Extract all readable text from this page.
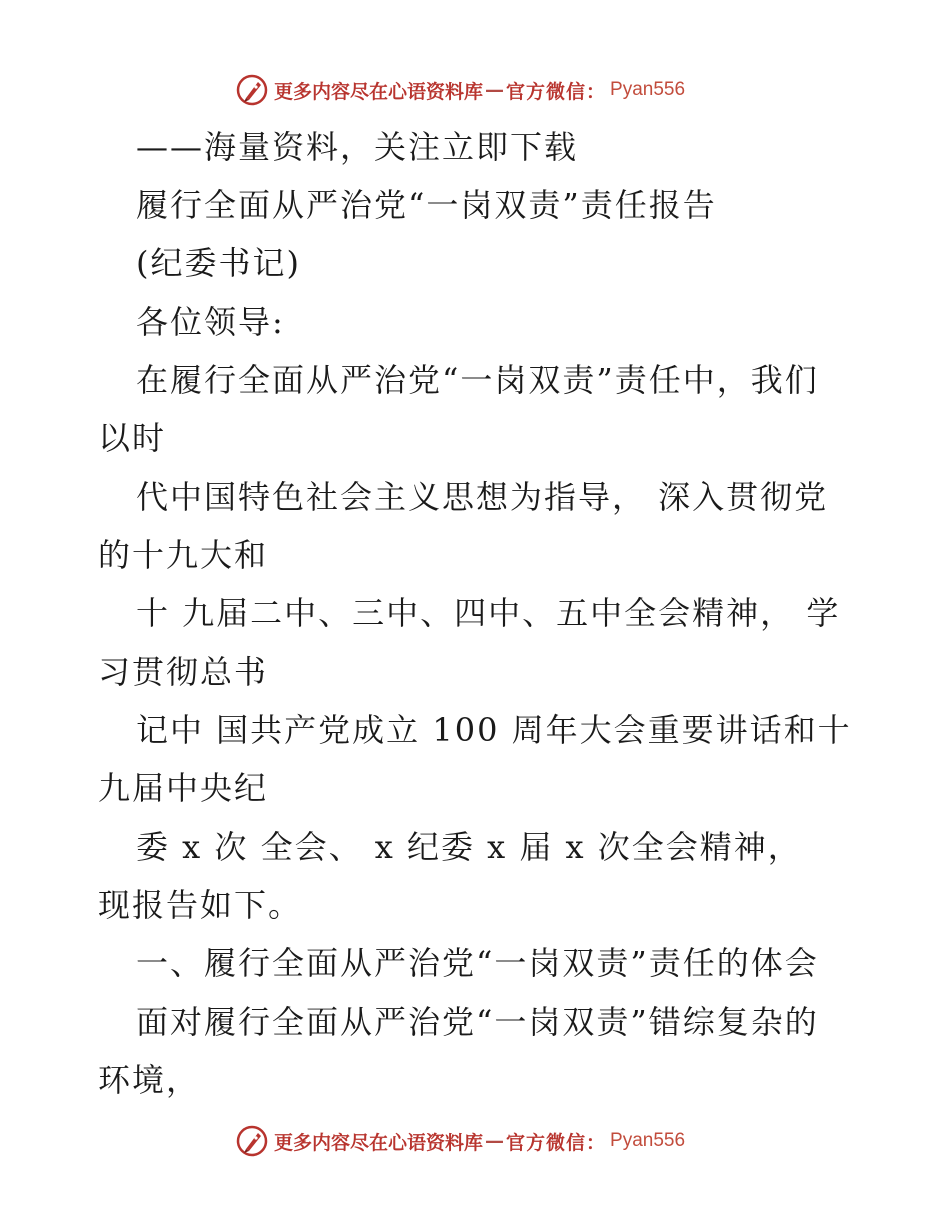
更多内容尽在心语资料库 — 官方微信： Pyan556
——海量资料，关注立即下载
履行全面从严治党“一岗双责”责任报告
(纪委书记)
各位领导:
在履行全面从严治党“一岗双责”责任中，我们
以时
代中国特色社会主义思想为指导， 深入贯彻党
的十九大和
十 九届二中、三中、四中、五中全会精神， 学
习贯彻总书
记中 国共产党成立 100 周年大会重要讲话和十
九届中央纪
委 x 次 全会、 x 纪委 x 届 x 次全会精神，
现报告如下。
一、履行全面从严治党“一岗双责”责任的体会
面对履行全面从严治党“一岗双责”错综复杂的
环境，
更多内容尽在心语资料库 — 官方微信： Pyan556
